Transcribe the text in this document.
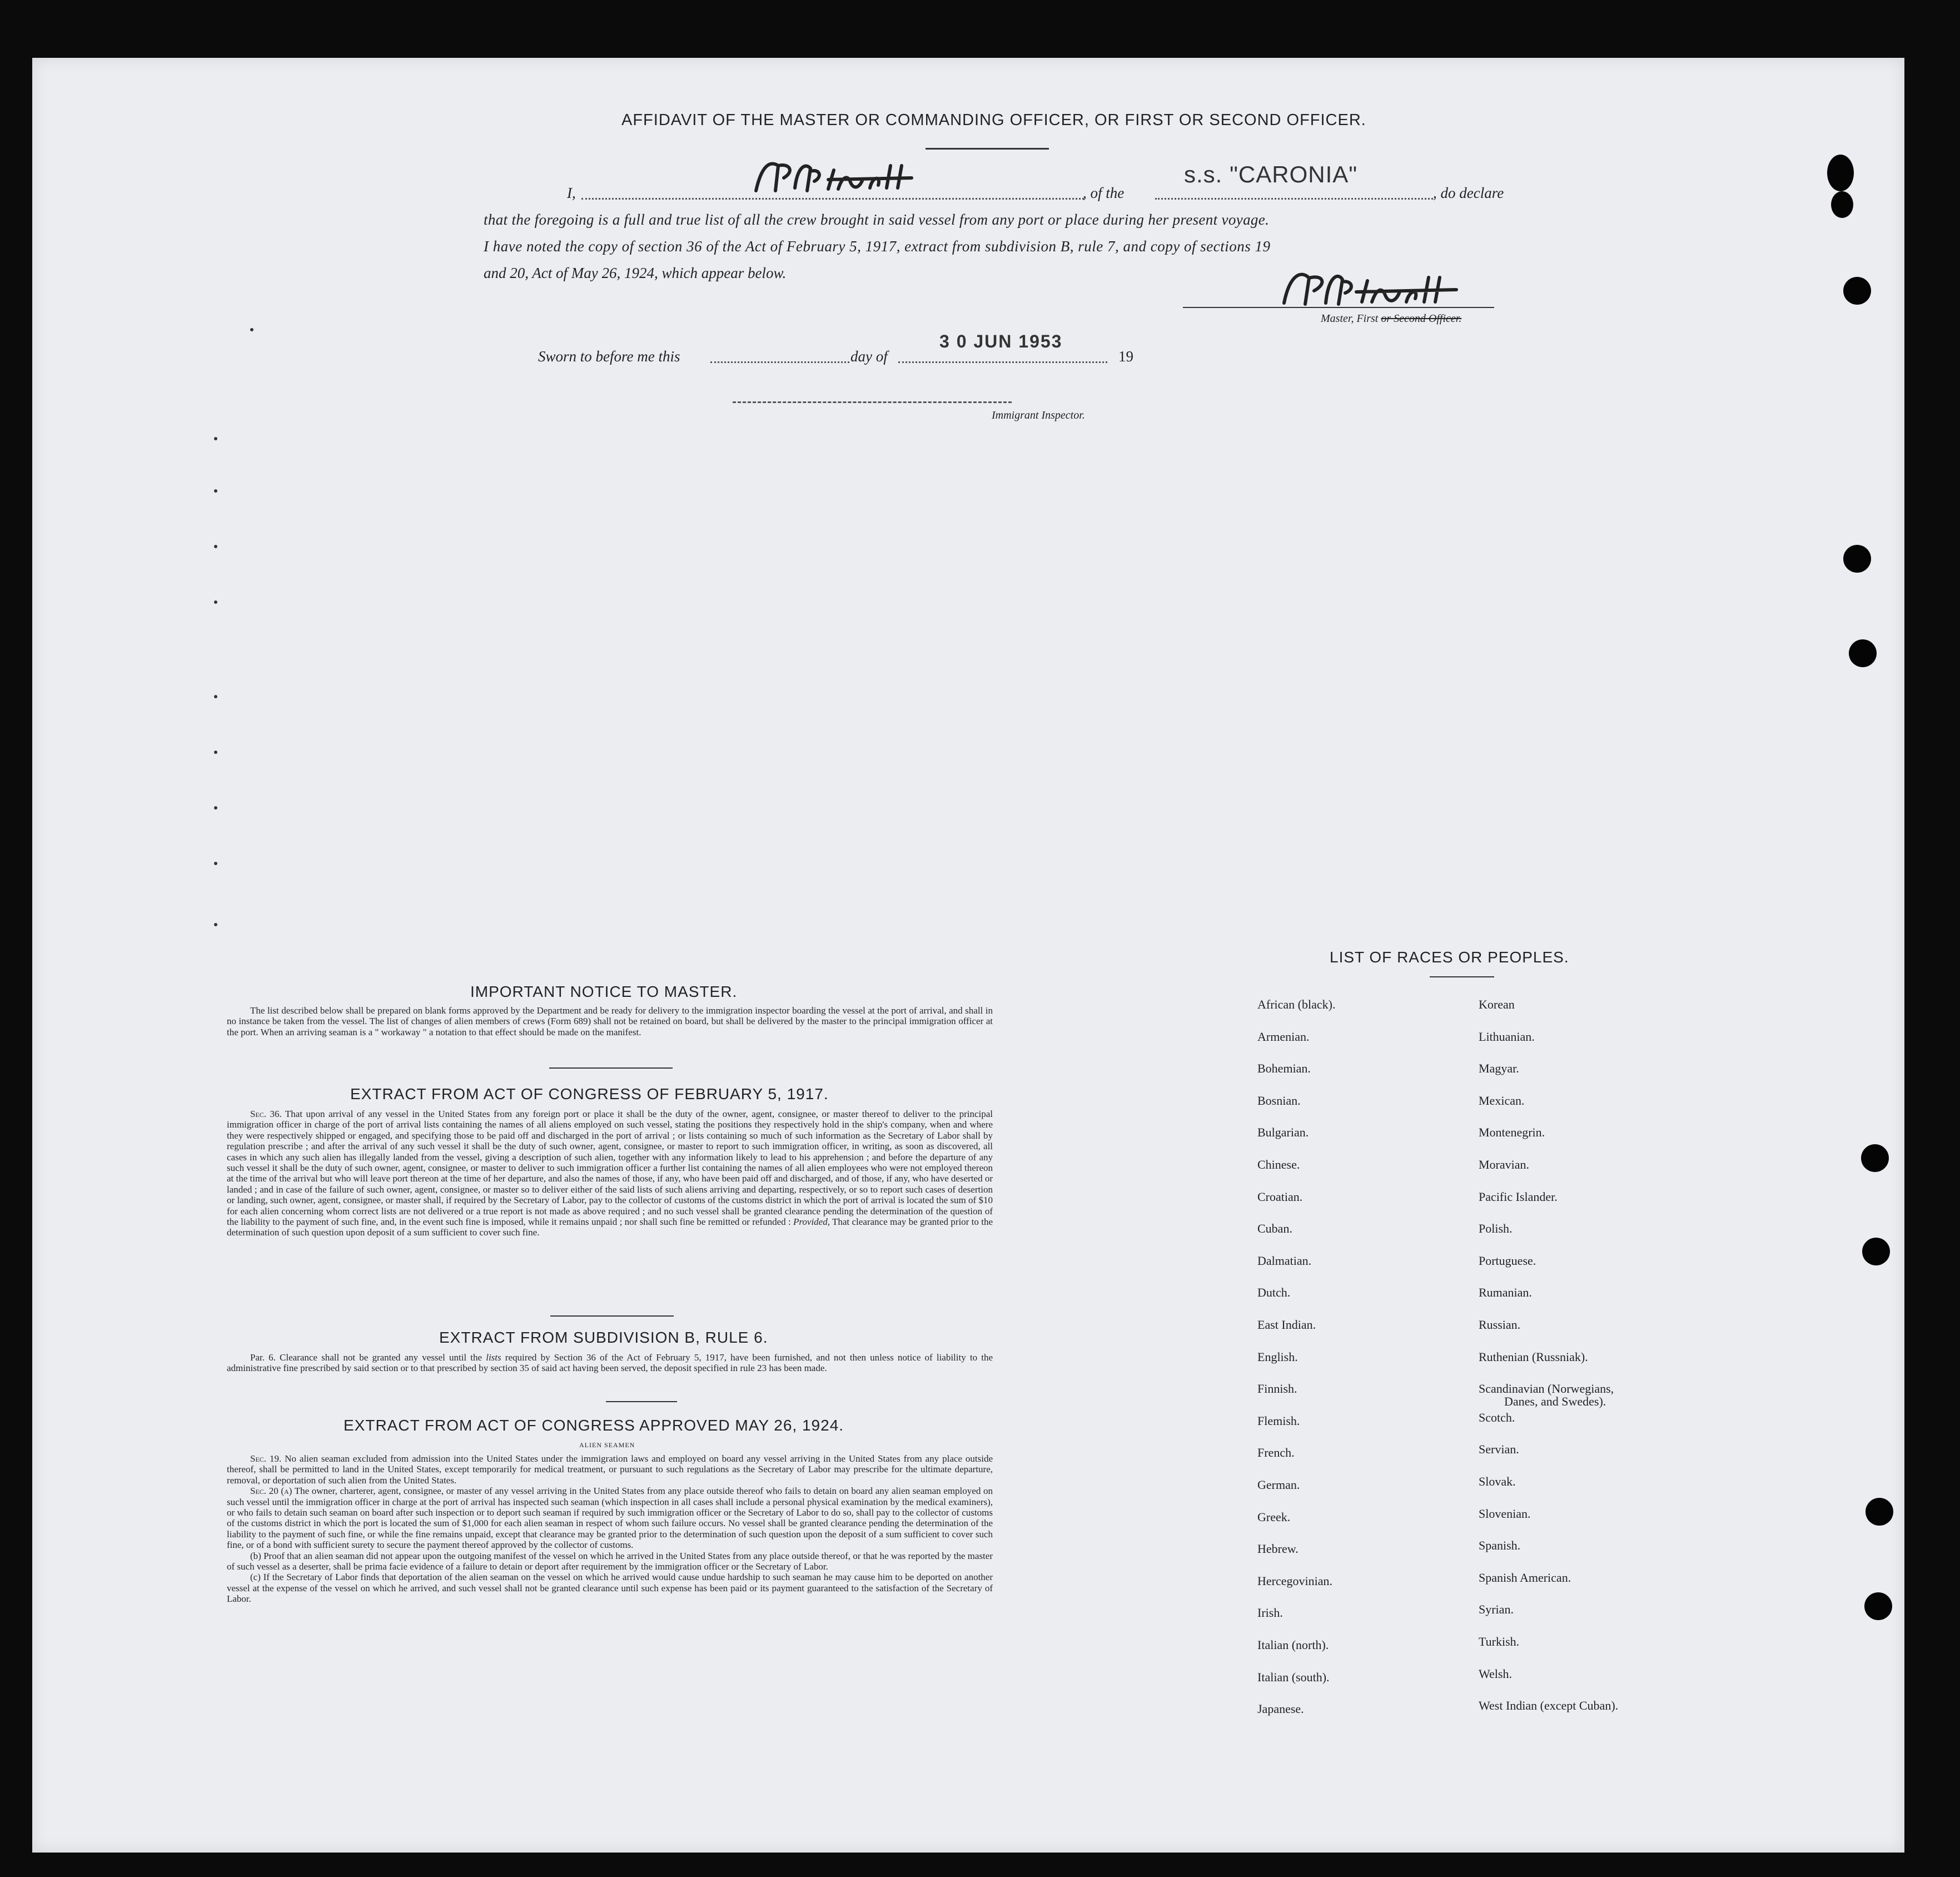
AFFIDAVIT OF THE MASTER OR COMMANDING OFFICER, OR FIRST OR SECOND OFFICER.
I,	, of the
s.s. "CARONIA"
, do declare
that the foregoing is a full and true list of all the crew brought in said vessel from any port or place during her present voyage.
I have noted the copy of section 36 of the Act of February 5, 1917, extract from subdivision B, rule 7, and copy of sections 19
and 20, Act of May 26, 1924, which appear below.
Master, First or Second Officer.
Sworn to before me this	day of
3 0 JUN 1953
19
Immigrant Inspector.
IMPORTANT NOTICE TO MASTER.

The list described below shall be prepared on blank forms approved by the Department and be ready for delivery to the immigration inspector boarding the vessel at the port of arrival, and shall in no instance be taken from the vessel. The list of changes of alien members of crews (Form 689) shall not be retained on board, but shall be delivered by the master to the principal immigration officer at the port. When an arriving seaman is a " workaway " a notation to that effect should be made on the manifest.

EXTRACT FROM ACT OF CONGRESS OF FEBRUARY 5, 1917.

Sec. 36. That upon arrival of any vessel in the United States from any foreign port or place it shall be the duty of the owner, agent, consignee, or master thereof to deliver to the principal immigration officer in charge of the port of arrival lists containing the names of all aliens employed on such vessel, stating the positions they respectively hold in the ship's company, when and where they were respectively shipped or engaged, and specifying those to be paid off and discharged in the port of arrival ; or lists containing so much of such information as the Secretary of Labor shall by regulation prescribe ; and after the arrival of any such vessel it shall be the duty of such owner, agent, consignee, or master to report to such immigration officer, in writing, as soon as discovered, all cases in which any such alien has illegally landed from the vessel, giving a description of such alien, together with any information likely to lead to his apprehension ; and before the departure of any such vessel it shall be the duty of such owner, agent, consignee, or master to deliver to such immigration officer a further list containing the names of all alien employees who were not employed thereon at the time of the arrival but who will leave port thereon at the time of her departure, and also the names of those, if any, who have been paid off and discharged, and of those, if any, who have deserted or landed ; and in case of the failure of such owner, agent, consignee, or master so to deliver either of the said lists of such aliens arriving and departing, respectively, or so to report such cases of desertion or landing, such owner, agent, consignee, or master shall, if required by the Secretary of Labor, pay to the collector of customs of the customs district in which the port of arrival is located the sum of $10 for each alien concerning whom correct lists are not delivered or a true report is not made as above required ; and no such vessel shall be granted clearance pending the determination of the question of the liability to the payment of such fine, and, in the event such fine is imposed, while it remains unpaid ; nor shall such fine be remitted or refunded : Provided, That clearance may be granted prior to the determination of such question upon deposit of a sum sufficient to cover such fine.

EXTRACT FROM SUBDIVISION B, RULE 6.

Par. 6. Clearance shall not be granted any vessel until the lists required by Section 36 of the Act of February 5, 1917, have been furnished, and not then unless notice of liability to the administrative fine prescribed by said section or to that prescribed by section 35 of said act having been served, the deposit specified in rule 23 has been made.

EXTRACT FROM ACT OF CONGRESS APPROVED MAY 26, 1924.
ALIEN SEAMEN

Sec. 19. No alien seaman excluded from admission into the United States under the immigration laws and employed on board any vessel arriving in the United States from any place outside thereof, shall be permitted to land in the United States, except temporarily for medical treatment, or pursuant to such regulations as the Secretary of Labor may prescribe for the ultimate departure, removal, or deportation of such alien from the United States.

Sec. 20 (a) The owner, charterer, agent, consignee, or master of any vessel arriving in the United States from any place outside thereof who fails to detain on board any alien seaman employed on such vessel until the immigration officer in charge at the port of arrival has inspected such seaman (which inspection in all cases shall include a personal physical examination by the medical examiners), or who fails to detain such seaman on board after such inspection or to deport such seaman if required by such immigration officer or the Secretary of Labor to do so, shall pay to the collector of customs of the customs district in which the port is located the sum of $1,000 for each alien seaman in respect of whom such failure occurs. No vessel shall be granted clearance pending the determination of the liability to the payment of such fine, or while the fine remains unpaid, except that clearance may be granted prior to the determination of such question upon the deposit of a sum sufficient to cover such fine, or of a bond with sufficient surety to secure the payment thereof approved by the collector of customs.

(b) Proof that an alien seaman did not appear upon the outgoing manifest of the vessel on which he arrived in the United States from any place outside thereof, or that he was reported by the master of such vessel as a deserter, shall be prima facie evidence of a failure to detain or deport after requirement by the immigration officer or the Secretary of Labor.

(c) If the Secretary of Labor finds that deportation of the alien seaman on the vessel on which he arrived would cause undue hardship to such seaman he may cause him to be deported on another vessel at the expense of the vessel on which he arrived, and such vessel shall not be granted clearance until such expense has been paid or its payment guaranteed to the satisfaction of the Secretary of Labor.

LIST OF RACES OR PEOPLES.
African (black).
Armenian.
Bohemian.
Bosnian.
Bulgarian.
Chinese.
Croatian.
Cuban.
Dalmatian.
Dutch.
East Indian.
English.
Finnish.
Flemish.
French.
German.
Greek.
Hebrew.
Hercegovinian.
Irish.
Italian (north).
Italian (south).
Japanese.
Korean
Lithuanian.
Magyar.
Mexican.
Montenegrin.
Moravian.
Pacific Islander.
Polish.
Portuguese.
Rumanian.
Russian.
Ruthenian (Russniak).
Scandinavian (Norwegians,
Scotch.
Servian.
Slovak.
Slovenian.
Spanish.
Spanish American.
Syrian.
Turkish.
Welsh.
West Indian (except Cuban).
Danes, and Swedes).
